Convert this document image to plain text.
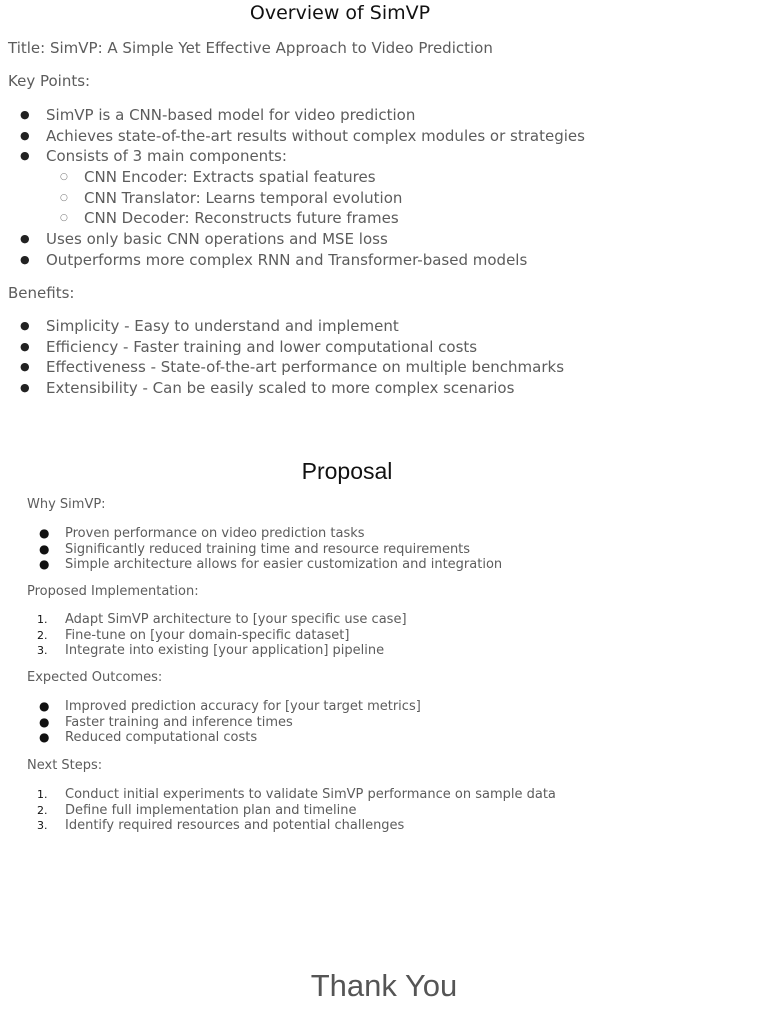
Overview of SimVP

Title: SimVP: A Simple Yet Effective Approach to Video Prediction

Key Points:

● SimVP is a CNN-based model for video prediction
● Achieves state-of-the-art results without complex modules or strategies
● Consists of 3 main components:
○ CNN Encoder: Extracts spatial features
○ CNN Translator: Learns temporal evolution
○ CNN Decoder: Reconstructs future frames
● Uses only basic CNN operations and MSE loss
● Outperforms more complex RNN and Transformer-based models

Benefits:

● Simplicity - Easy to understand and implement
● Efficiency - Faster training and lower computational costs
● Effectiveness - State-of-the-art performance on multiple benchmarks
● Extensibility - Can be easily scaled to more complex scenarios
Proposal

Why SimVP:

● Proven performance on video prediction tasks
● Significantly reduced training time and resource requirements
● Simple architecture allows for easier customization and integration

Proposed Implementation:

1. Adapt SimVP architecture to [your specific use case]
2. Fine-tune on [your domain-specific dataset]
3. Integrate into existing [your application] pipeline

Expected Outcomes:

● Improved prediction accuracy for [your target metrics]
● Faster training and inference times
● Reduced computational costs

Next Steps:

1. Conduct initial experiments to validate SimVP performance on sample data
2. Define full implementation plan and timeline
3. Identify required resources and potential challenges
Thank You
